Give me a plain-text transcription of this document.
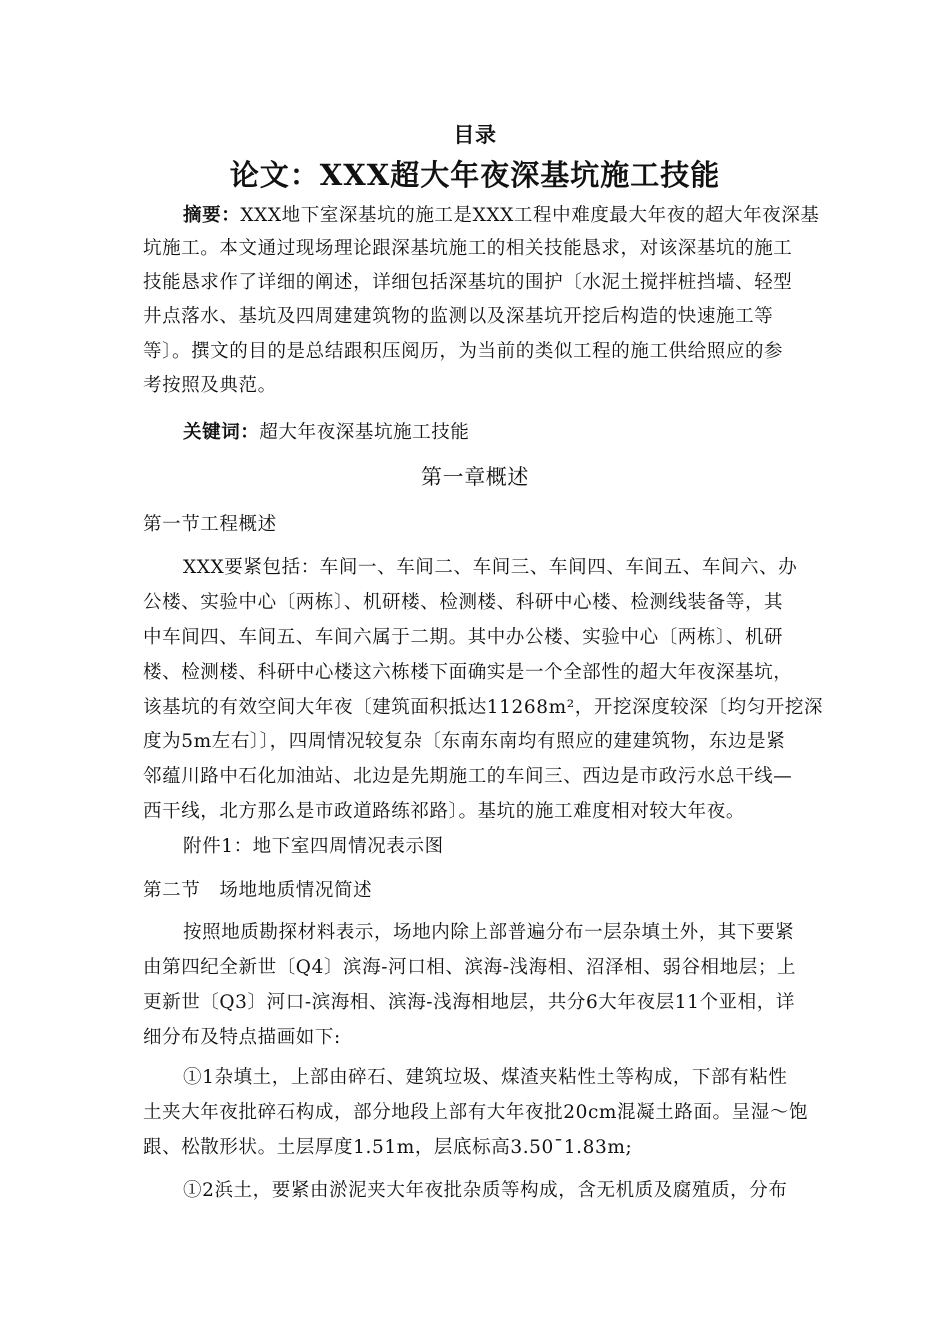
目录
论文：XXX超大年夜深基坑施工技能
摘要：XXX地下室深基坑的施工是XXX工程中难度最大年夜的超大年夜深基
坑施工。本文通过现场理论跟深基坑施工的相关技能恳求，对该深基坑的施工
技能恳求作了详细的阐述，详细包括深基坑的围护〔水泥土搅拌桩挡墙、轻型
井点落水、基坑及四周建建筑物的监测以及深基坑开挖后构造的快速施工等
等〕。撰文的目的是总结跟积压阅历，为当前的类似工程的施工供给照应的参
考按照及典范。
关键词：超大年夜深基坑施工技能
第一章概述
第一节工程概述
XXX要紧包括：车间一、车间二、车间三、车间四、车间五、车间六、办
公楼、实验中心〔两栋〕、机研楼、检测楼、科研中心楼、检测线装备等，其
中车间四、车间五、车间六属于二期。其中办公楼、实验中心〔两栋〕、机研
楼、检测楼、科研中心楼这六栋楼下面确实是一个全部性的超大年夜深基坑，
该基坑的有效空间大年夜〔建筑面积抵达11268m²，开挖深度较深〔均匀开挖深
度为5m左右〕〕，四周情况较复杂〔东南东南均有照应的建建筑物，东边是紧
邻蕴川路中石化加油站、北边是先期施工的车间三、西边是市政污水总干线—
西干线，北方那么是市政道路练祁路〕。基坑的施工难度相对较大年夜。
附件1：地下室四周情况表示图
第二节　场地地质情况简述
按照地质勘探材料表示，场地内除上部普遍分布一层杂填土外，其下要紧
由第四纪全新世〔Q4〕滨海-河口相、滨海-浅海相、沼泽相、弱谷相地层；上
更新世〔Q3〕河口-滨海相、滨海-浅海相地层，共分6大年夜层11个亚相，详
细分布及特点描画如下:
①1杂填土，上部由碎石、建筑垃圾、煤渣夹粘性土等构成，下部有粘性
土夹大年夜批碎石构成，部分地段上部有大年夜批20cm混凝土路面。呈湿～饱
跟、松散形状。土层厚度1.51m，层底标高3.50¯1.83m;
①2浜土，要紧由淤泥夹大年夜批杂质等构成，含无机质及腐殖质，分布
